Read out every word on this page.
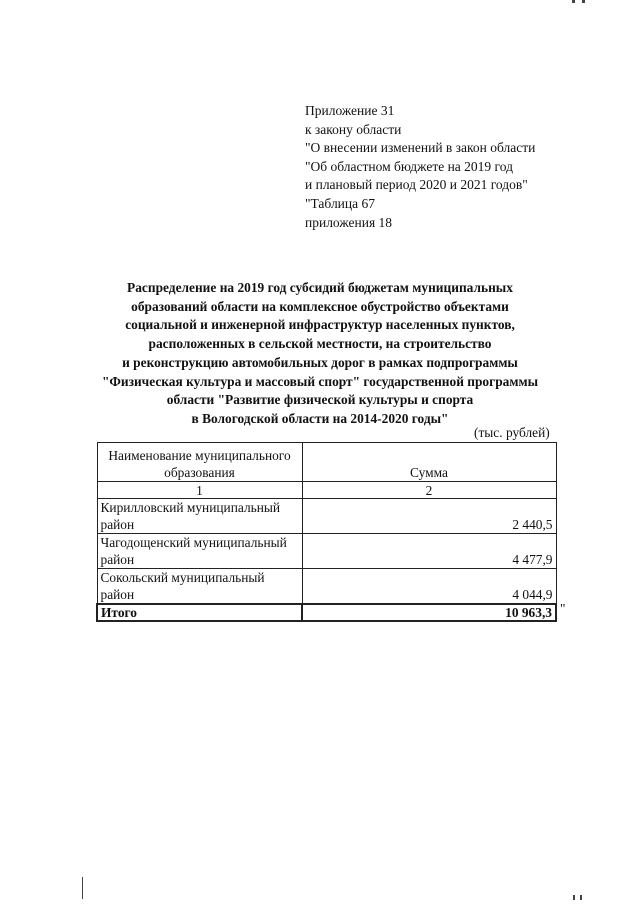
Приложение 31
к закону области
"О внесении изменений в закон области
"Об областном бюджете на 2019 год
и плановый период 2020 и 2021 годов"
"Таблица 67
приложения 18
Распределение на 2019 год субсидий бюджетам муниципальных
образований области на комплексное обустройство объектами
социальной и инженерной инфраструктур населенных пунктов,
расположенных в сельской местности, на строительство
и реконструкцию автомобильных дорог в рамках подпрограммы
"Физическая культура и массовый спорт" государственной программы
области "Развитие физической культуры и спорта
в Вологодской области на 2014-2020 годы"
(тыс. рублей)
Наименование муниципального образования	Сумма
1	2
Кирилловский муниципальный район	2 440,5
Чагодощенский муниципальный район	4 477,9
Сокольский муниципальный район	4 044,9
Итого	10 963,3 "
